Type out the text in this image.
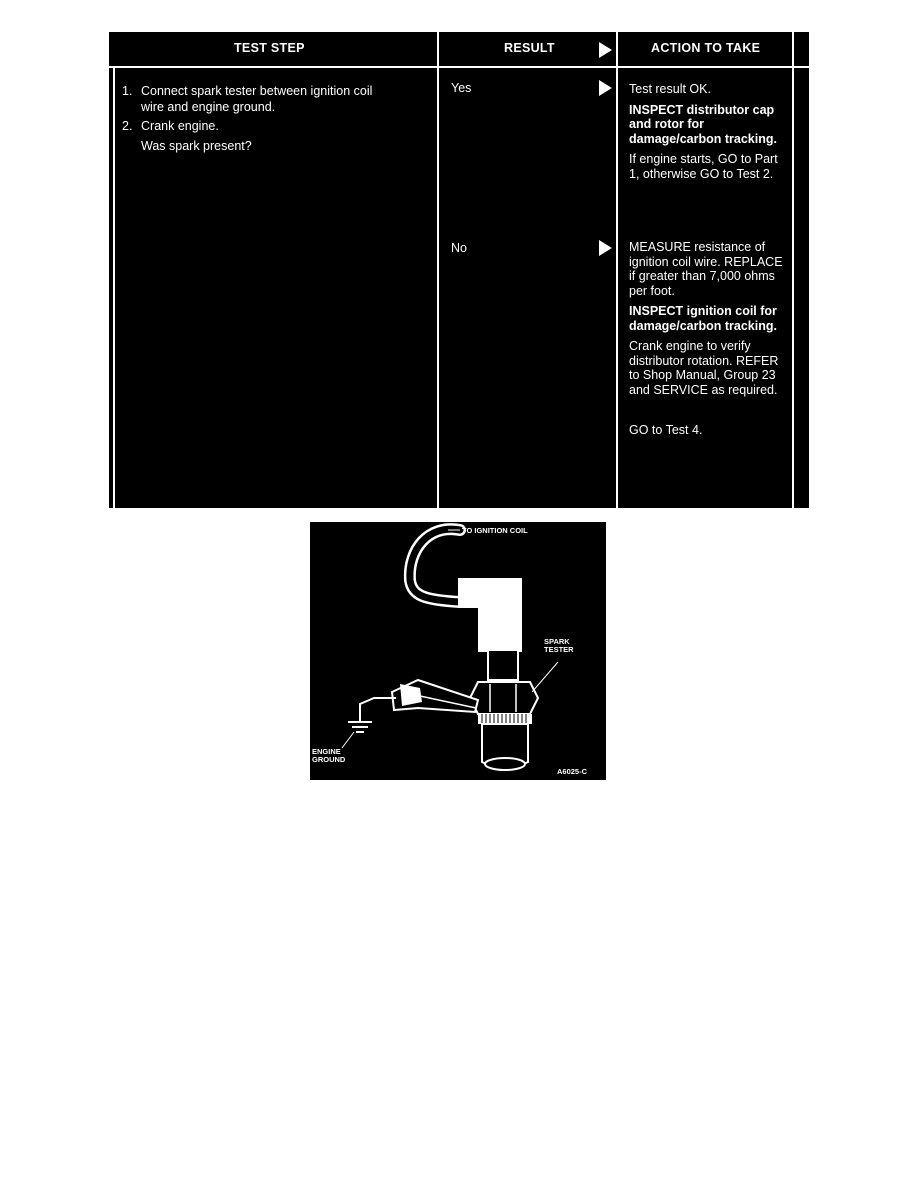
TEST STEP	RESULT	ACTION TO TAKE
1. Connect spark tester between ignition coil
wire and engine ground.
2. Crank engine.
Was spark present?
Yes
No

Test result OK.

INSPECT distributor cap and rotor for damage/carbon tracking.

If engine starts, GO to Part 1, otherwise GO to Test 2.

MEASURE resistance of ignition coil wire. REPLACE if greater than 7,000 ohms per foot.

INSPECT ignition coil for damage/carbon tracking.

Crank engine to verify distributor rotation. REFER to Shop Manual, Group 23 and SERVICE as required.

GO to Test 4.

TO IGNITION COIL
SPARK
TESTER
ENGINE
GROUND
A6025-C
